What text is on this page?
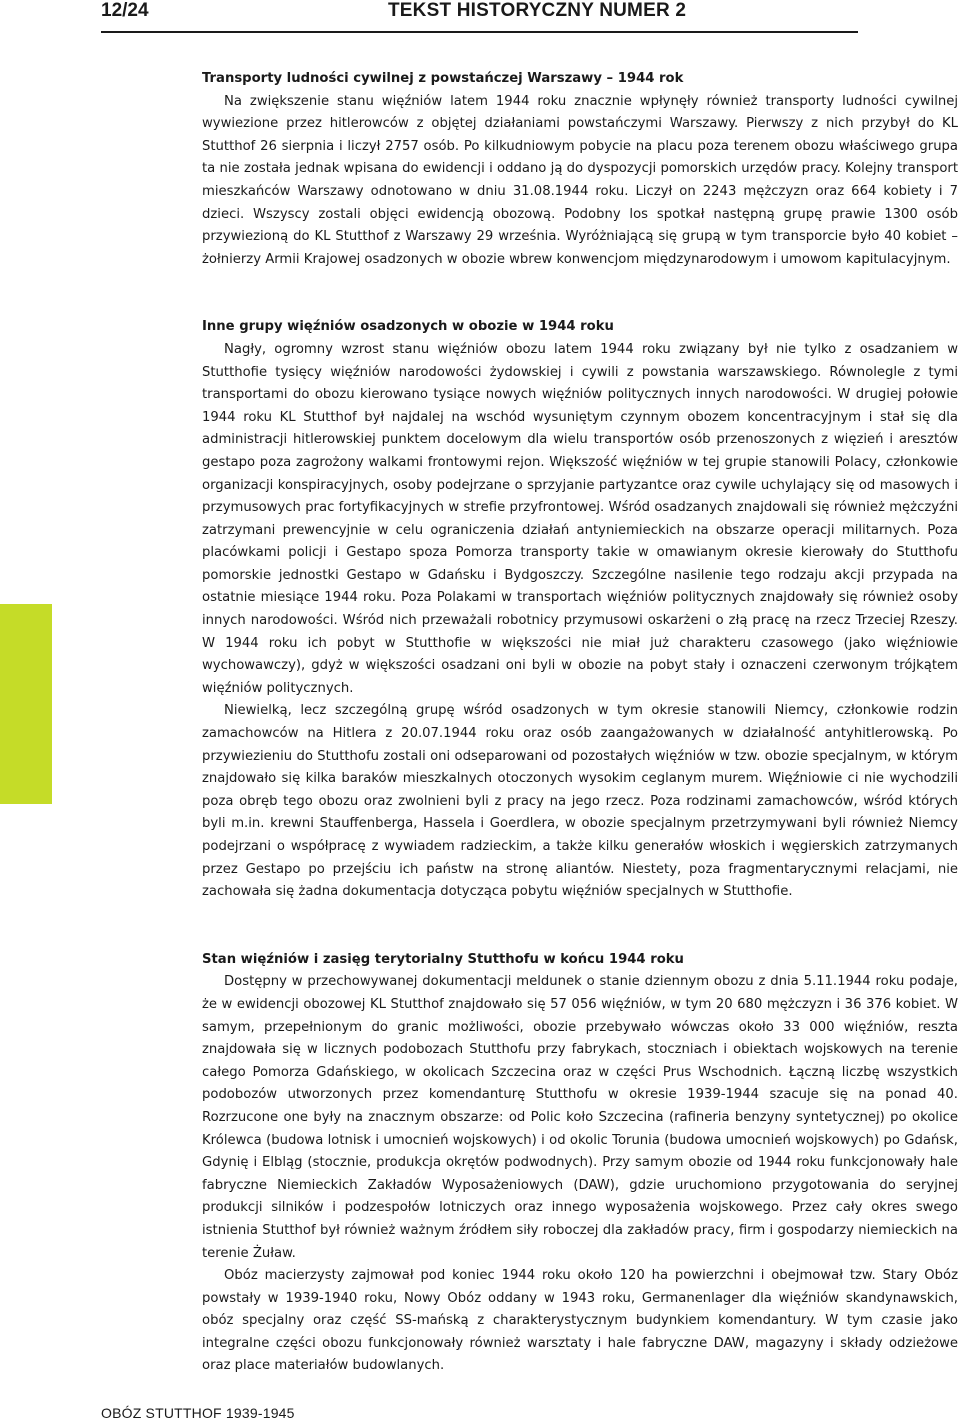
12/24	TEKST HISTORYCZNY NUMER 2

Transporty ludności cywilnej z powstańczej Warszawy – 1944 rok

Na zwiększenie stanu więźniów latem 1944 roku znacznie wpłynęły również transporty ludności cywilnej wywiezione przez hitlerowców z objętej działaniami powstańczymi Warszawy. Pierwszy z nich przybył do KL Stutthof 26 sierpnia i liczył 2757 osób. Po kilkudniowym pobycie na placu poza terenem obozu właściwego grupa ta nie została jednak wpisana do ewidencji i oddano ją do dyspozycji pomorskich urzędów pracy. Kolejny transport mieszkańców Warszawy odnotowano w dniu 31.08.1944 roku. Liczył on 2243 mężczyzn oraz 664 kobiety i 7 dzieci. Wszyscy zostali objęci ewidencją obozową. Podobny los spotkał następną grupę prawie 1300 osób przywiezioną do KL Stutthof z Warszawy 29 września. Wyróżniającą się grupą w tym transporcie było 40 kobiet – żołnierzy Armii Krajowej osadzonych w obozie wbrew konwencjom międzynarodowym i umowom kapitulacyjnym.

Inne grupy więźniów osadzonych w obozie w 1944 roku

Nagły, ogromny wzrost stanu więźniów obozu latem 1944 roku związany był nie tylko z osadzaniem w Stutthofie tysięcy więźniów narodowości żydowskiej i cywili z powstania warszawskiego. Równolegle z tymi transportami do obozu kierowano tysiące nowych więźniów politycznych innych narodowości. W drugiej połowie 1944 roku KL Stutthof był najdalej na wschód wysuniętym czynnym obozem koncentracyjnym i stał się dla administracji hitlerowskiej punktem docelowym dla wielu transportów osób przenoszonych z więzień i aresztów gestapo poza zagrożony walkami frontowymi rejon. Większość więźniów w tej grupie stanowili Polacy, członkowie organizacji konspiracyjnych, osoby podejrzane o sprzyjanie partyzantce oraz cywile uchylający się od masowych i przymusowych prac fortyfikacyjnych w strefie przyfrontowej. Wśród osadzanych znajdowali się również mężczyźni zatrzymani prewencyjnie w celu ograniczenia działań antyniemieckich na obszarze operacji militarnych. Poza placówkami policji i Gestapo spoza Pomorza transporty takie w omawianym okresie kierowały do Stutthofu pomorskie jednostki Gestapo w Gdańsku i Bydgoszczy. Szczególne nasilenie tego rodzaju akcji przypada na ostatnie miesiące 1944 roku. Poza Polakami w transportach więźniów politycznych znajdowały się również osoby innych narodowości. Wśród nich przeważali robotnicy przymusowi oskarżeni o złą pracę na rzecz Trzeciej Rzeszy. W 1944 roku ich pobyt w Stutthofie w większości nie miał już charakteru czasowego (jako więźniowie wychowawczy), gdyż w większości osadzani oni byli w obozie na pobyt stały i oznaczeni czerwonym trójkątem więźniów politycznych.

Niewielką, lecz szczególną grupę wśród osadzonych w tym okresie stanowili Niemcy, członkowie rodzin zamachowców na Hitlera z 20.07.1944 roku oraz osób zaangażowanych w działalność antyhitlerowską. Po przywiezieniu do Stutthofu zostali oni odseparowani od pozostałych więźniów w tzw. obozie specjalnym, w którym znajdowało się kilka baraków mieszkalnych otoczonych wysokim ceglanym murem. Więźniowie ci nie wychodzili poza obręb tego obozu oraz zwolnieni byli z pracy na jego rzecz. Poza rodzinami zamachowców, wśród których byli m.in. krewni Stauffenberga, Hassela i Goerdlera, w obozie specjalnym przetrzymywani byli również Niemcy podejrzani o współpracę z wywiadem radzieckim, a także kilku generałów włoskich i węgierskich zatrzymanych przez Gestapo po przejściu ich państw na stronę aliantów. Niestety, poza fragmentarycznymi relacjami, nie zachowała się żadna dokumentacja dotycząca pobytu więźniów specjalnych w Stutthofie.

Stan więźniów i zasięg terytorialny Stutthofu w końcu 1944 roku

Dostępny w przechowywanej dokumentacji meldunek o stanie dziennym obozu z dnia 5.11.1944 roku podaje, że w ewidencji obozowej KL Stutthof znajdowało się 57 056 więźniów, w tym 20 680 mężczyzn i 36 376 kobiet. W samym, przepełnionym do granic możliwości, obozie przebywało wówczas około 33 000 więźniów, reszta znajdowała się w licznych podobozach Stutthofu przy fabrykach, stoczniach i obiektach wojskowych na terenie całego Pomorza Gdańskiego, w okolicach Szczecina oraz w części Prus Wschodnich. Łączną liczbę wszystkich podobozów utworzonych przez komendanturę Stutthofu w okresie 1939-1944 szacuje się na ponad 40. Rozrzucone one były na znacznym obszarze: od Polic koło Szczecina (rafineria benzyny syntetycznej) po okolice Królewca (budowa lotnisk i umocnień wojskowych) i od okolic Torunia (budowa umocnień wojskowych) po Gdańsk, Gdynię i Elbląg (stocznie, produkcja okrętów podwodnych). Przy samym obozie od 1944 roku funkcjonowały hale fabryczne Niemieckich Zakładów Wyposażeniowych (DAW), gdzie uruchomiono przygotowania do seryjnej produkcji silników i podzespołów lotniczych oraz innego wyposażenia wojskowego. Przez cały okres swego istnienia Stutthof był również ważnym źródłem siły roboczej dla zakładów pracy, firm i gospodarzy niemieckich na terenie Żuław.

Obóz macierzysty zajmował pod koniec 1944 roku około 120 ha powierzchni i obejmował tzw. Stary Obóz powstały w 1939-1940 roku, Nowy Obóz oddany w 1943 roku, Germanenlager dla więźniów skandynawskich, obóz specjalny oraz część SS-mańską z charakterystycznym budynkiem komendantury. W tym czasie jako integralne części obozu funkcjonowały również warsztaty i hale fabryczne DAW, magazyny i składy odzieżowe oraz place materiałów budowlanych.

OBÓZ STUTTHOF 1939-1945
